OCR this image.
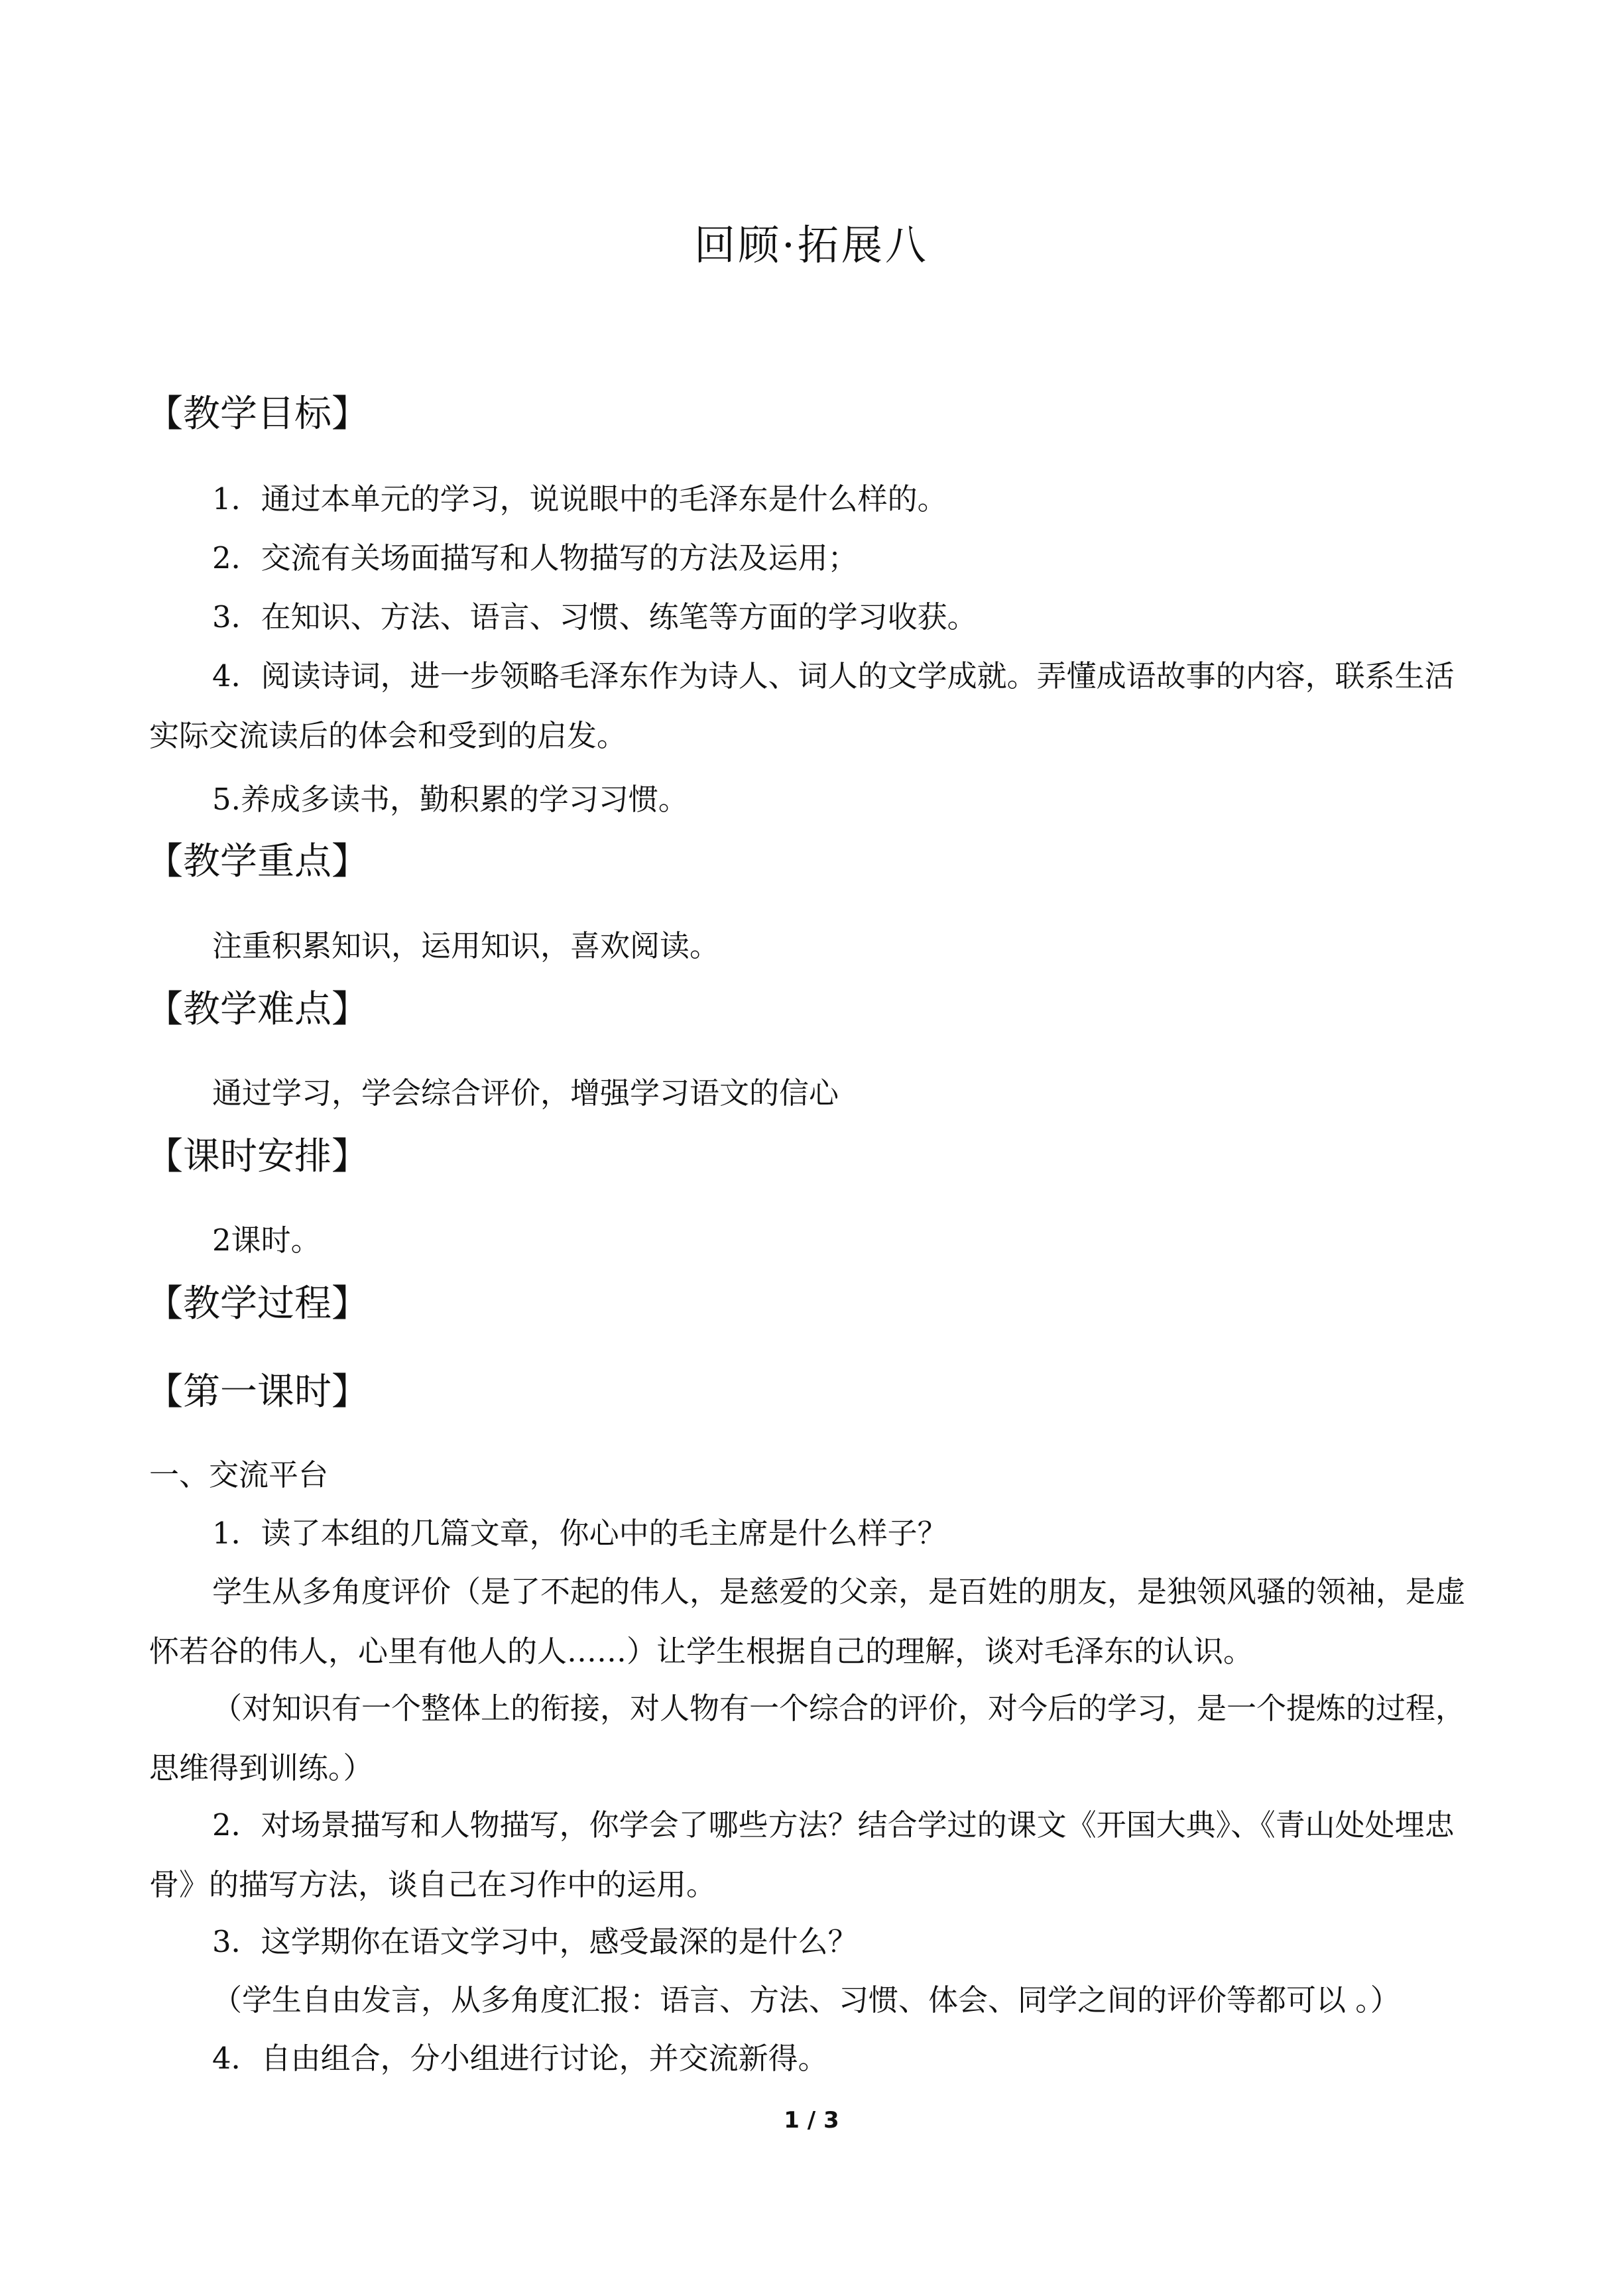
回顾·拓展八
【教学目标】
1．通过本单元的学习，说说眼中的毛泽东是什么样的。
2．交流有关场面描写和人物描写的方法及运用；
3．在知识、方法、语言、习惯、练笔等方面的学习收获。
4．阅读诗词，进一步领略毛泽东作为诗人、词人的文学成就。弄懂成语故事的内容，联系生活实际交流读后的体会和受到的启发。
5.养成多读书，勤积累的学习习惯。
【教学重点】
注重积累知识，运用知识，喜欢阅读。
【教学难点】
通过学习，学会综合评价，增强学习语文的信心
【课时安排】
2课时。
【教学过程】
【第一课时】
一、交流平台
1．读了本组的几篇文章，你心中的毛主席是什么样子？
学生从多角度评价（是了不起的伟人，是慈爱的父亲，是百姓的朋友，是独领风骚的领袖，是虚怀若谷的伟人，心里有他人的人……）让学生根据自己的理解，谈对毛泽东的认识。
（对知识有一个整体上的衔接，对人物有一个综合的评价，对今后的学习，是一个提炼的过程，思维得到训练。）
2．对场景描写和人物描写，你学会了哪些方法？结合学过的课文《开国大典》、《青山处处埋忠骨》的描写方法，谈自己在习作中的运用。
3．这学期你在语文学习中，感受最深的是什么？
（学生自由发言，从多角度汇报：语言、方法、习惯、体会、同学之间的评价等都可以 。）
4．自由组合，分小组进行讨论，并交流新得。
1 / 3
